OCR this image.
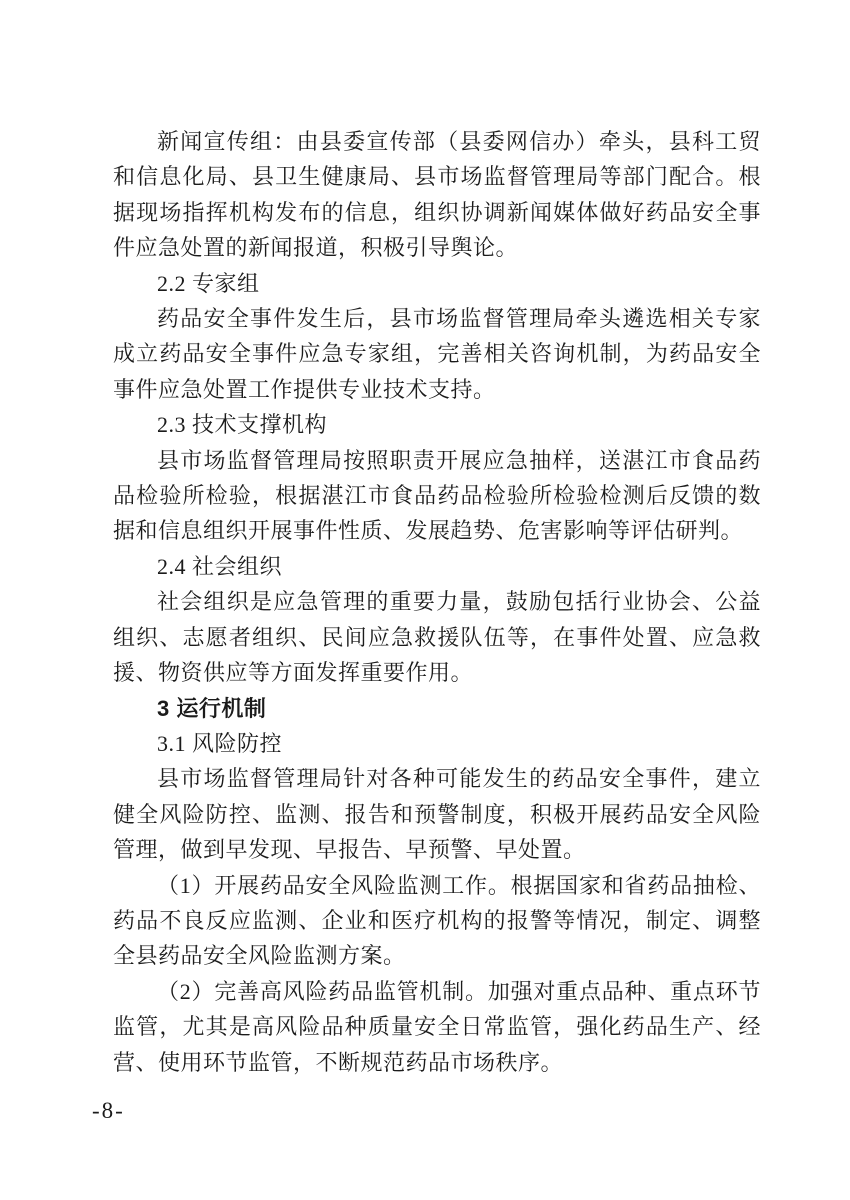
新闻宣传组：由县委宣传部（县委网信办）牵头，县科工贸和信息化局、县卫生健康局、县市场监督管理局等部门配合。根据现场指挥机构发布的信息，组织协调新闻媒体做好药品安全事件应急处置的新闻报道，积极引导舆论。

2.2 专家组

药品安全事件发生后，县市场监督管理局牵头遴选相关专家成立药品安全事件应急专家组，完善相关咨询机制，为药品安全事件应急处置工作提供专业技术支持。

2.3 技术支撑机构

县市场监督管理局按照职责开展应急抽样，送湛江市食品药品检验所检验，根据湛江市食品药品检验所检验检测后反馈的数据和信息组织开展事件性质、发展趋势、危害影响等评估研判。

2.4 社会组织

社会组织是应急管理的重要力量，鼓励包括行业协会、公益组织、志愿者组织、民间应急救援队伍等，在事件处置、应急救援、物资供应等方面发挥重要作用。

3 运行机制

3.1 风险防控

县市场监督管理局针对各种可能发生的药品安全事件，建立健全风险防控、监测、报告和预警制度，积极开展药品安全风险管理，做到早发现、早报告、早预警、早处置。

（1）开展药品安全风险监测工作。根据国家和省药品抽检、药品不良反应监测、企业和医疗机构的报警等情况，制定、调整全县药品安全风险监测方案。

（2）完善高风险药品监管机制。加强对重点品种、重点环节监管，尤其是高风险品种质量安全日常监管，强化药品生产、经营、使用环节监管，不断规范药品市场秩序。

-8-
